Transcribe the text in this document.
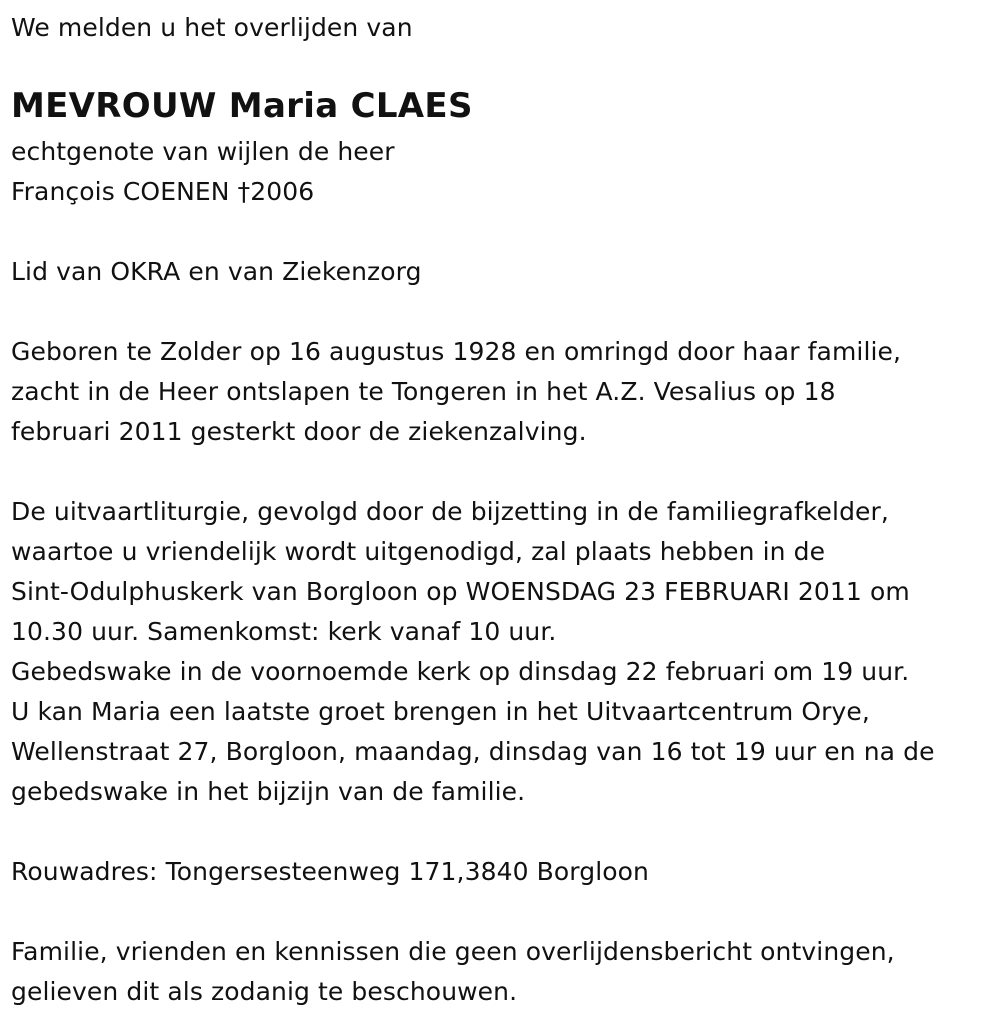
We melden u het overlijden van
MEVROUW Maria CLAES
echtgenote van wijlen de heer
François COENEN †2006
Lid van OKRA en van Ziekenzorg
Geboren te Zolder op 16 augustus 1928 en omringd door haar familie,
zacht in de Heer ontslapen te Tongeren in het A.Z. Vesalius op 18
februari 2011 gesterkt door de ziekenzalving.
De uitvaartliturgie, gevolgd door de bijzetting in de familiegrafkelder,
waartoe u vriendelijk wordt uitgenodigd, zal plaats hebben in de
Sint-Odulphuskerk van Borgloon op WOENSDAG 23 FEBRUARI 2011 om
10.30 uur. Samenkomst: kerk vanaf 10 uur.
Gebedswake in de voornoemde kerk op dinsdag 22 februari om 19 uur.
U kan Maria een laatste groet brengen in het Uitvaartcentrum Orye,
Wellenstraat 27, Borgloon, maandag, dinsdag van 16 tot 19 uur en na de
gebedswake in het bijzijn van de familie.
Rouwadres: Tongersesteenweg 171,3840 Borgloon
Familie, vrienden en kennissen die geen overlijdensbericht ontvingen,
gelieven dit als zodanig te beschouwen.
